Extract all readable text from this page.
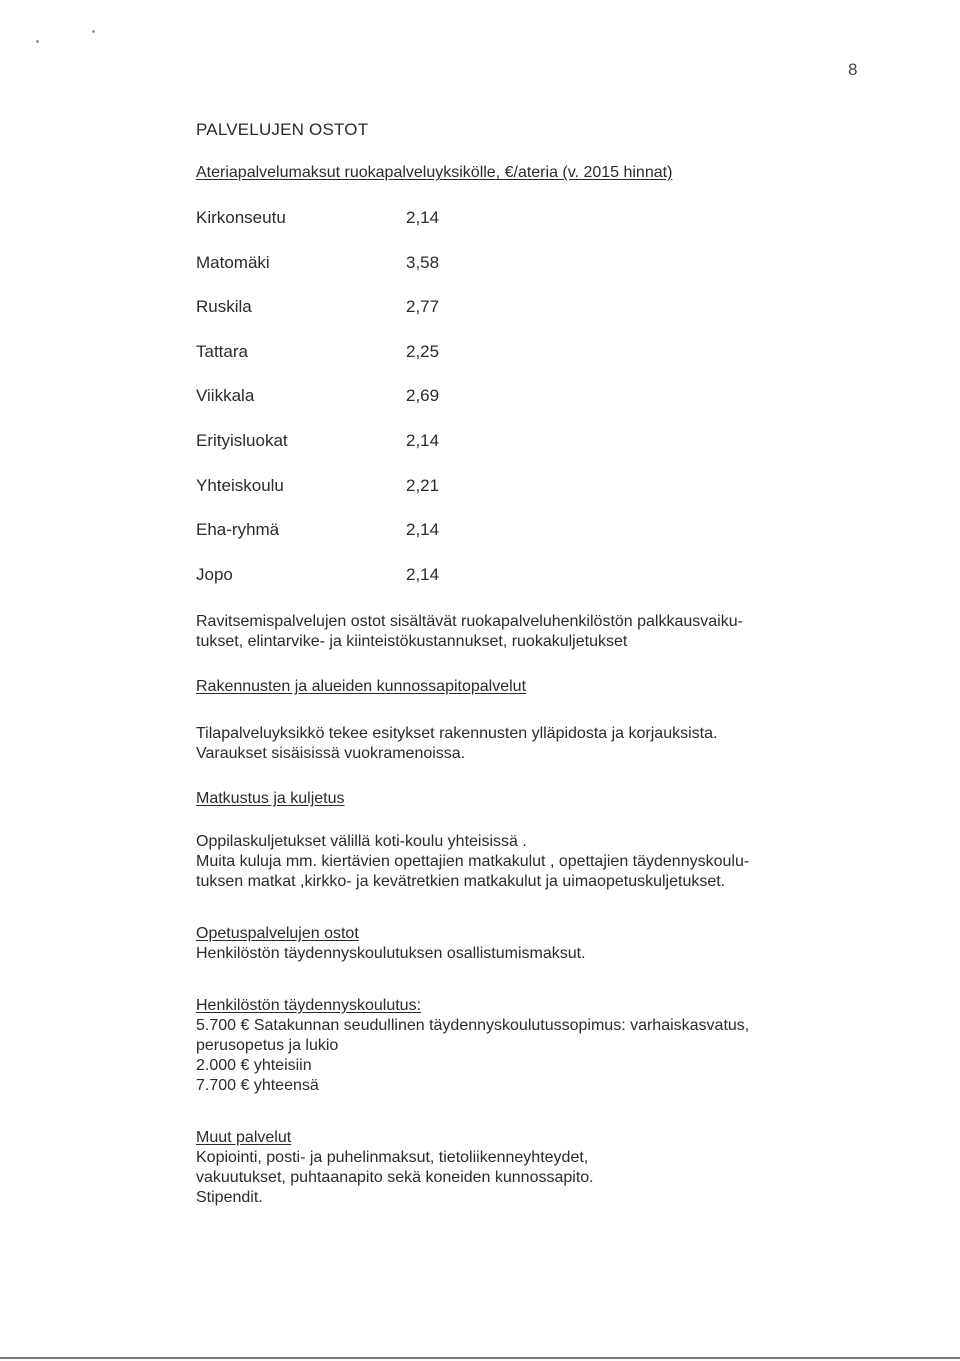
8
PALVELUJEN OSTOT
Ateriapalvelumaksut ruokapalveluyksikölle, €/ateria (v. 2015 hinnat)
Kirkonseutu	2,14
Matomäki	3,58
Ruskila	2,77
Tattara	2,25
Viikkala	2,69
Erityisluokat	2,14
Yhteiskoulu	2,21
Eha-ryhmä	2,14
Jopo	2,14

Ravitsemispalvelujen ostot sisältävät ruokapalveluhenkilöstön palkkausvaiku-

tukset, elintarvike- ja kiinteistökustannukset, ruokakuljetukset

Rakennusten ja alueiden kunnossapitopalvelut

Tilapalveluyksikkö tekee esitykset rakennusten ylläpidosta ja korjauksista.

Varaukset sisäisissä vuokramenoissa.

Matkustus ja kuljetus

Oppilaskuljetukset välillä koti-koulu yhteisissä .

Muita kuluja mm. kiertävien opettajien matkakulut , opettajien täydennyskoulu-

tuksen matkat ,kirkko- ja kevätretkien matkakulut ja uimaopetuskuljetukset.

Opetuspalvelujen ostot

Henkilöstön täydennyskoulutuksen osallistumismaksut.

Henkilöstön täydennyskoulutus:

5.700 € Satakunnan seudullinen täydennyskoulutussopimus: varhaiskasvatus,

perusopetus ja lukio

2.000 € yhteisiin

7.700 € yhteensä

Muut palvelut

Kopiointi, posti- ja puhelinmaksut, tietoliikenneyhteydet,

vakuutukset, puhtaanapito sekä koneiden kunnossapito.

Stipendit.
